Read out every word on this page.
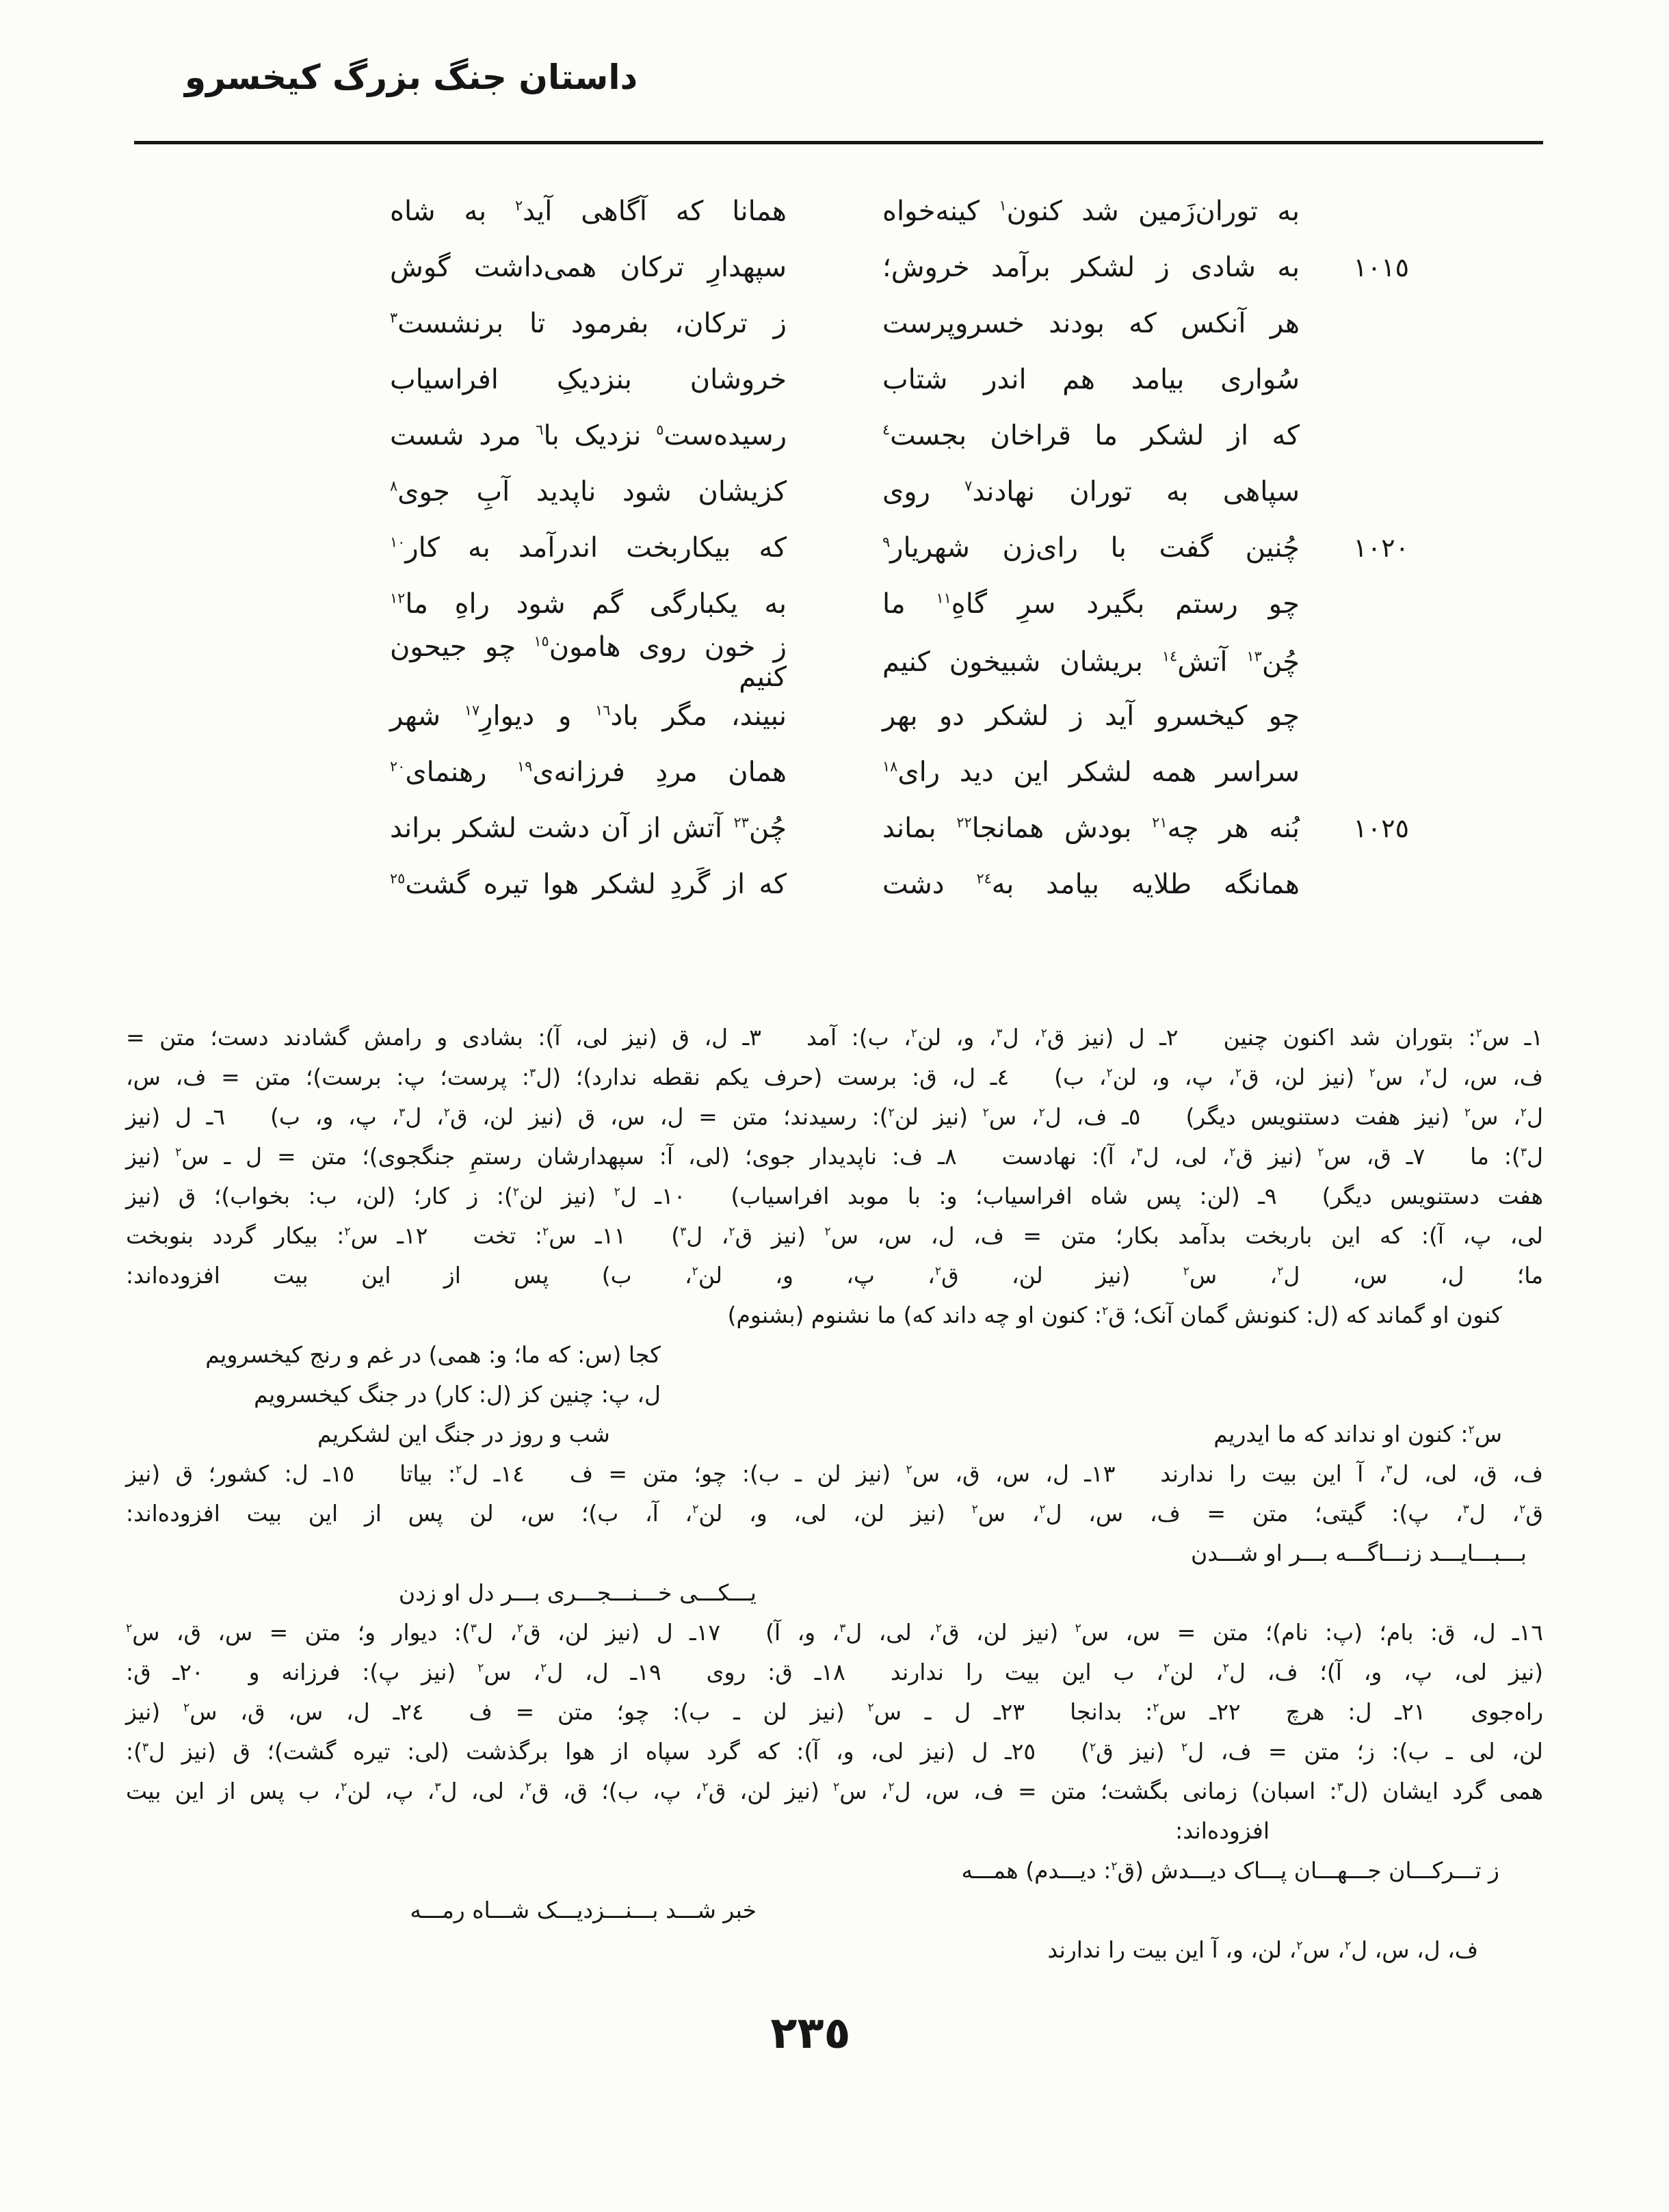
داستان جنگ بزرگ کیخسرو
به توران‌زَمین شد کنون$^١$ کینه‌خواه
همانا که آگاهی آید$^٢$ به شاه
١٠١٥
به شادی ز لشکر برآمد خروش؛
سپهدارِ ترکان همی‌داشت گوش
هر آنکس که بودند خسروپرست
ز ترکان، بفرمود تا برنشست$^٣$
سُواری بیامد هم اندر شتاب
خروشان بنزدیکِ افراسیاب
که از لشکر ما قراخان بجست$^٤$
رسیده‌ست$^٥$ نزدیک با$^٦$ مرد شست
سپاهی به توران نهادند$^٧$ روی
کزیشان شود ناپدید آبِ جوی$^٨$
١٠٢٠
چُنین گفت با رای‌زن شهریار$^٩$
که بیکاربخت اندرآمد به کار$^{١٠}$
چو رستم بگیرد سرِ گاهِ$^{١١}$ ما
به یکبارگی گم شود راهِ ما$^{١٢}$
چُن$^{١٣}$ آتش$^{١٤}$ بریشان شبیخون کنیم
ز خون روی هامون$^{١٥}$ چو جیحون کنیم
چو کیخسرو آید ز لشکر دو بهر
نبیند، مگر باد$^{١٦}$ و دیوارِ$^{١٧}$ شهر
سراسر همه لشکر این دید رای$^{١٨}$
همان مردِ فرزانه‌ی$^{١٩}$ رهنمای$^{٢٠}$
١٠٢٥
بُنه هر چه$^{٢١}$ بودش همانجا$^{٢٢}$ بماند
چُن$^{٢٣}$ آتش از آن دشت لشکر براند
همانگه طلایه بیامد به$^{٢٤}$ دشت
که از گَردِ لشکر هوا تیره گشت$^{٢٥}$
١ـ س$^٢$: بتوران شد اکنون چنین  ٢ـ ل (نیز ق$^٢$، ل$^٣$، و، لن$^٢$، ب): آمد  ٣ـ ل، ق (نیز لی، آ): بشادی و رامش گشادند دست؛ متن =
ف، س، ل$^٢$، س$^٢$ (نیز لن، ق$^٢$، پ، و، لن$^٢$، ب)  ٤ـ ل، ق: برست (حرف یکم نقطه ندارد)؛ (ل$^٣$: پرست؛ پ: برست)؛ متن = ف، س،
ل$^٢$، س$^٢$ (نیز هفت دستنویس دیگر)  ٥ـ ف، ل$^٢$، س$^٢$ (نیز لن$^٢$): رسیدند؛ متن = ل، س، ق (نیز لن، ق$^٢$، ل$^٣$، پ، و، ب)  ٦ـ ل (نیز
ل$^٣$): ما  ٧ـ ق، س$^٢$ (نیز ق$^٢$، لی، ل$^٣$، آ): نهادست  ٨ـ ف: ناپدیدار جوی؛ (لی، آ: سپهدارشان رستمِ جنگجوی)؛ متن = ل ـ س$^٢$ (نیز
هفت دستنویس دیگر)  ٩ـ (لن: پس شاه افراسیاب؛ و: با موبد افراسیاب)  ١٠ـ ل$^٢$ (نیز لن$^٢$): ز کار؛ (لن، ب: بخواب)؛ ق (نیز
لی، پ، آ): که این باربخت بدآمد بکار؛ متن = ف، ل، س، س$^٢$ (نیز ق$^٢$، ل$^٣$)  ١١ـ س$^٢$: تخت  ١٢ـ س$^٢$: بیکار گردد بنوبخت
ما؛ ل، س، ل$^٢$، س$^٢$ (نیز لن، ق$^٢$، پ، و، لن$^٢$، ب) پس از این بیت افزوده‌اند:
کنون او گماند که (ل: کنونش گمان آنک؛ ق$^٢$: کنون او چه داند که) ما نشنوم (بشنوم)
کجا (س: که ما؛ و: همی) در غم و رنج کیخسرویم
ل، پ: چنین کز (ل: کار) در جنگ کیخسرویم
س$^٢$: کنون او نداند که ما ایدریم
شب و روز در جنگ این لشکریم
ف، ق، لی، ل$^٣$، آ این بیت را ندارند  ١٣ـ ل، س، ق، س$^٢$ (نیز لن ـ ب): چو؛ متن = ف  ١٤ـ ل$^٢$: بیاتا  ١٥ـ ل: کشور؛ ق (نیز
ق$^٢$، ل$^٣$، پ): گیتی؛ متن = ف، س، ل$^٢$، س$^٢$ (نیز لن، لی، و، لن$^٢$، آ، ب)؛ س، لن پس از این بیت افزوده‌اند:
بـــبـــایـــد زنـــاگـــه بـــر او شـــدن
یـــکـــی خـــنـــجـــری بـــر دل او زدن
١٦ـ ل، ق: بام؛ (پ: نام)؛ متن = س، س$^٢$ (نیز لن، ق$^٢$، لی، ل$^٣$، و، آ)  ١٧ـ ل (نیز لن، ق$^٢$، ل$^٣$): دیوار و؛ متن = س، ق، س$^٢$
(نیز لی، پ، و، آ)؛ ف، ل$^٢$، لن$^٢$، ب این بیت را ندارند  ١٨ـ ق: روی  ١٩ـ ل، ل$^٢$، س$^٢$ (نیز پ): فرزانه و  ٢٠ـ ق:
راه‌جوی  ٢١ـ ل: هرچ  ٢٢ـ س$^٢$: بدانجا  ٢٣ـ ل ـ س$^٢$ (نیز لن ـ ب): چو؛ متن = ف  ٢٤ـ ل، س، ق، س$^٢$ (نیز
لن، لی ـ ب): ز؛ متن = ف، ل$^٢$ (نیز ق$^٢$)  ٢٥ـ ل (نیز لی، و، آ): که گرد سپاه از هوا برگذشت (لی: تیره گشت)؛ ق (نیز ل$^٣$):
همی گرد ایشان (ل$^٣$: اسبان) زمانی بگشت؛ متن = ف، س، ل$^٢$، س$^٢$ (نیز لن، ق$^٢$، پ، ب)؛ ق، ق$^٢$، لی، ل$^٣$، پ، لن$^٢$، ب پس از این بیت
افزوده‌اند:
ز تـــرکـــان جـــهـــان پـــاک دیـــدش (ق$^٢$: دیـــدم) همـــه
خبر شـــد بـــنـــزدیـــک شـــاه رمـــه
ف، ل، س، ل$^٢$، س$^٢$، لن، و، آ این بیت را ندارند
٢٣٥
